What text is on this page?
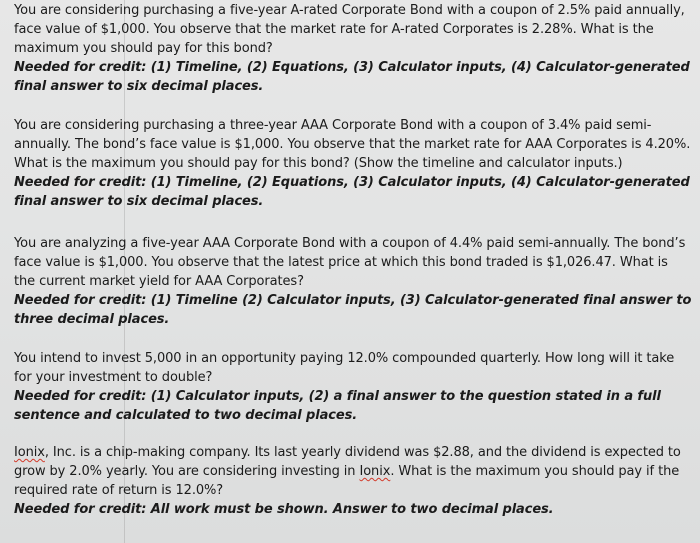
You are considering purchasing a five-year A-rated Corporate Bond with a coupon of 2.5% paid annually, face value of $1,000. You observe that the market rate for A-rated Corporates is 2.28%. What is the maximum you should pay for this bond?

Needed for credit: (1) Timeline, (2) Equations, (3) Calculator inputs, (4) Calculator-generated final answer to six decimal places.

You are considering purchasing a three-year AAA Corporate Bond with a coupon of 3.4% paid semi-annually. The bond’s face value is $1,000. You observe that the market rate for AAA Corporates is 4.20%. What is the maximum you should pay for this bond? (Show the timeline and calculator inputs.)

Needed for credit: (1) Timeline, (2) Equations, (3) Calculator inputs, (4) Calculator-generated final answer to six decimal places.

You are analyzing a five-year AAA Corporate Bond with a coupon of 4.4% paid semi-annually. The bond’s face value is $1,000. You observe that the latest price at which this bond traded is $1,026.47. What is the current market yield for AAA Corporates?

Needed for credit: (1) Timeline (2) Calculator inputs, (3) Calculator-generated final answer to three decimal places.

You intend to invest 5,000 in an opportunity paying 12.0% compounded quarterly. How long will it take for your investment to double?

Needed for credit: (1) Calculator inputs, (2) a final answer to the question stated in a full sentence and calculated to two decimal places.

Ionix, Inc. is a chip-making company. Its last yearly dividend was $2.88, and the dividend is expected to grow by 2.0% yearly. You are considering investing in Ionix. What is the maximum you should pay if the required rate of return is 12.0%?

Needed for credit: All work must be shown. Answer to two decimal places.
